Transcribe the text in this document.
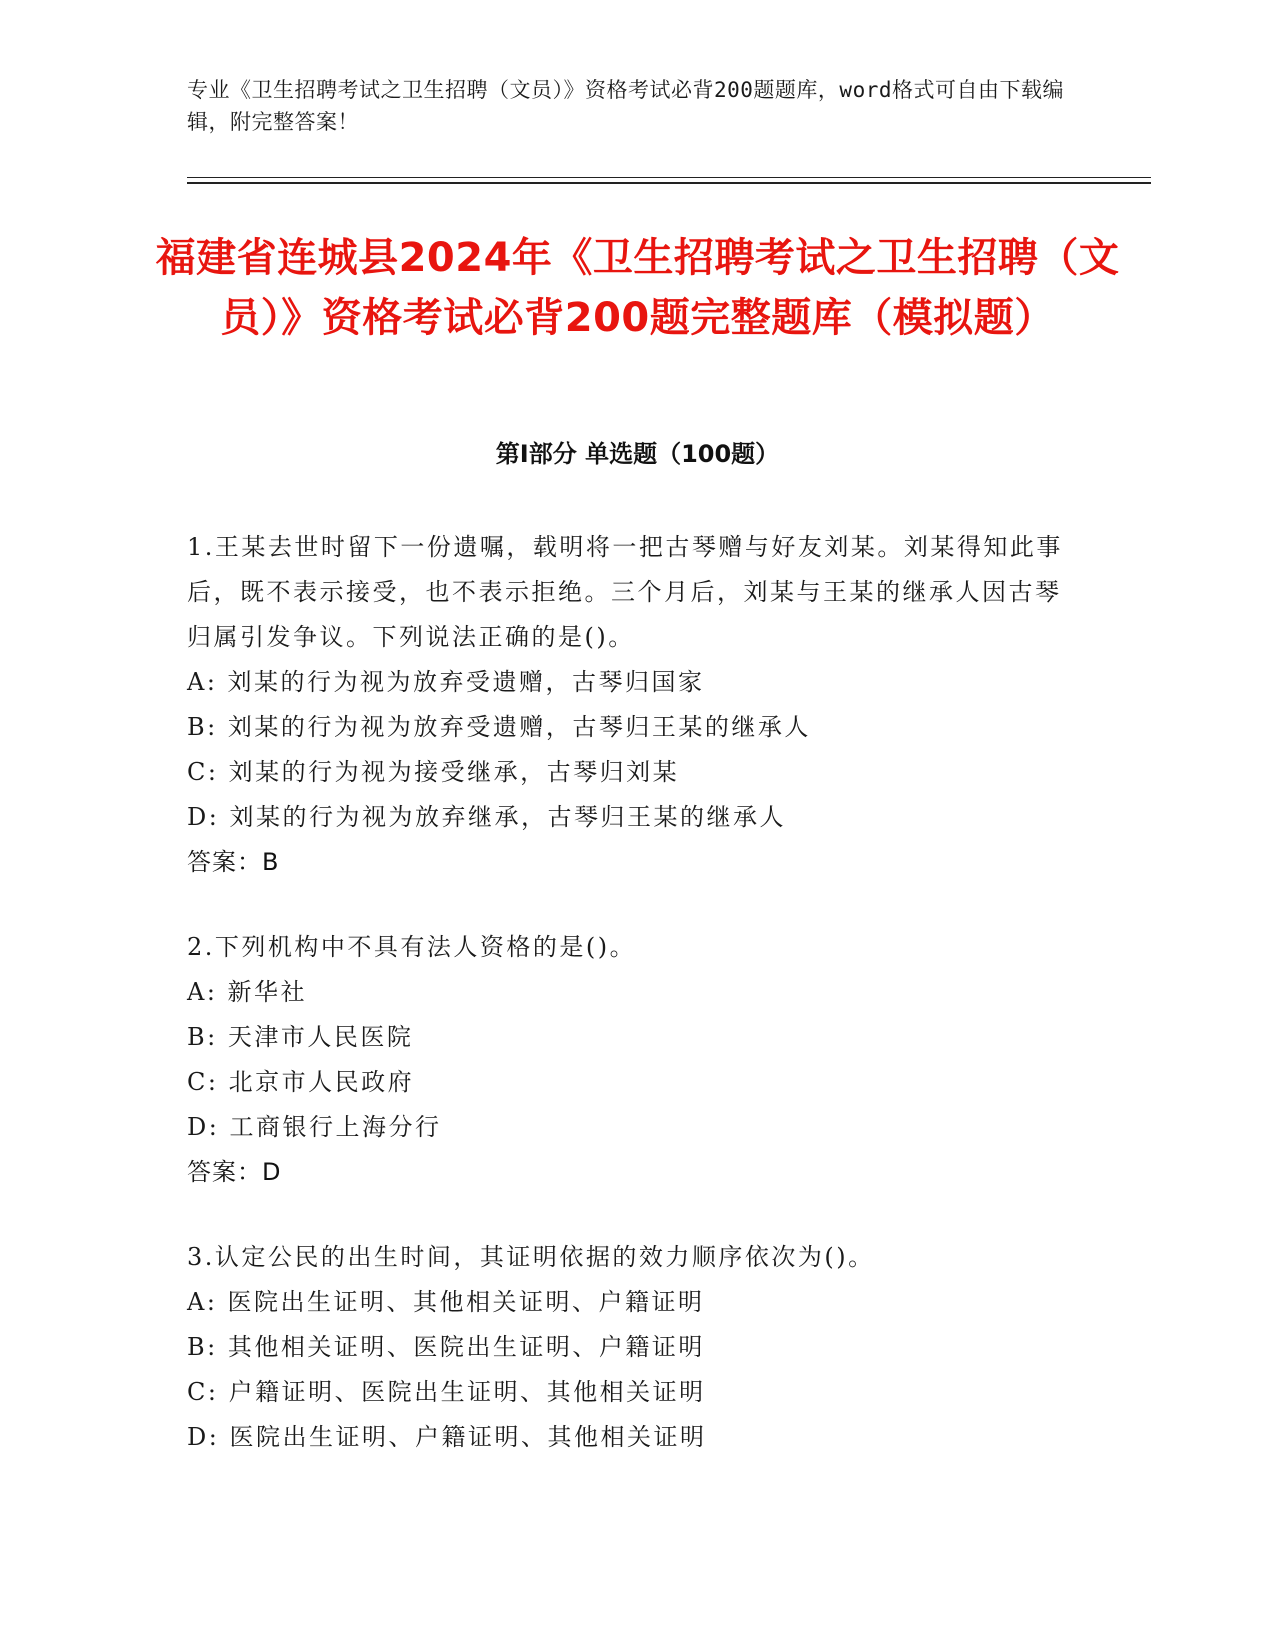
专业《卫生招聘考试之卫生招聘（文员）》资格考试必背200题题库，word格式可自由下载编辑，附完整答案！
福建省连城县2024年《卫生招聘考试之卫生招聘（文员）》资格考试必背200题完整题库（模拟题）
第I部分 单选题（100题）

1.王某去世时留下一份遗嘱，载明将一把古琴赠与好友刘某。刘某得知此事后，既不表示接受，也不表示拒绝。三个月后，刘某与王某的继承人因古琴归属引发争议。下列说法正确的是()。

A: 刘某的行为视为放弃受遗赠，古琴归国家

B: 刘某的行为视为放弃受遗赠，古琴归王某的继承人

C: 刘某的行为视为接受继承，古琴归刘某

D: 刘某的行为视为放弃继承，古琴归王某的继承人

答案：B

2.下列机构中不具有法人资格的是()。

A: 新华社

B: 天津市人民医院

C: 北京市人民政府

D: 工商银行上海分行

答案：D

3.认定公民的出生时间，其证明依据的效力顺序依次为()。

A: 医院出生证明、其他相关证明、户籍证明

B: 其他相关证明、医院出生证明、户籍证明

C: 户籍证明、医院出生证明、其他相关证明

D: 医院出生证明、户籍证明、其他相关证明
